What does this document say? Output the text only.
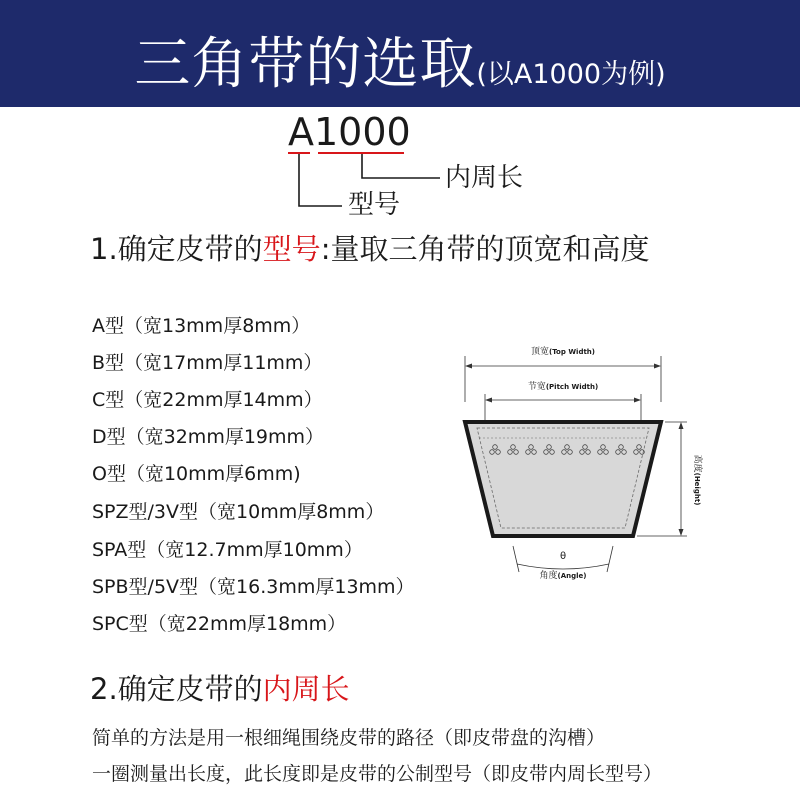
三角带的选取(以A1000为例)
A1000
内周长
型号
1.确定皮带的型号:量取三角带的顶宽和高度
A型（宽13mm厚8mm）
B型（宽17mm厚11mm）
C型（宽22mm厚14mm）
D型（宽32mm厚19mm）
O型（宽10mm厚6mm)
SPZ型/3V型（宽10mm厚8mm）
SPA型（宽12.7mm厚10mm）
SPB型/5V型（宽16.3mm厚13mm）
SPC型（宽22mm厚18mm）
顶宽(Top Width)
节宽(Pitch Width)
高度(Height)
θ
角度(Angle)
2.确定皮带的内周长
简单的方法是用一根细绳围绕皮带的路径（即皮带盘的沟槽）
一圈测量出长度，此长度即是皮带的公制型号（即皮带内周长型号）
